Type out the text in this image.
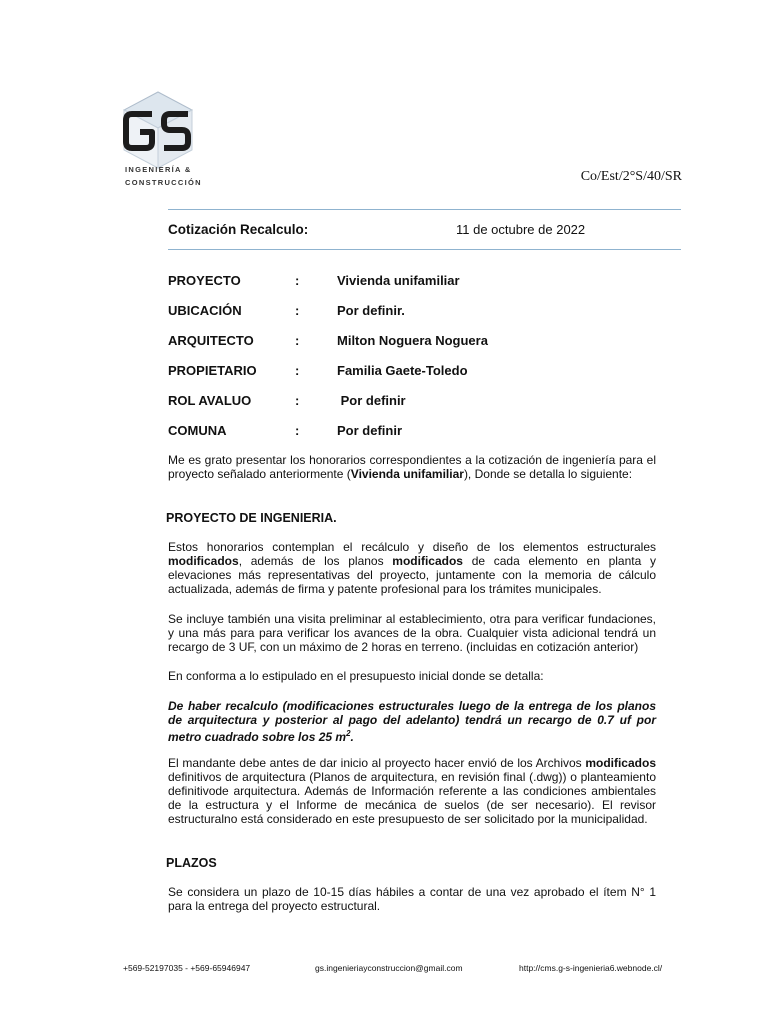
INGENIERÍA &
CONSTRUCCIÓN	Co/Est/2°S/40/SR
Cotización Recalculo:	11 de octubre de 2022
PROYECTO	:	Vivienda unifamiliar
UBICACIÓN	:	Por definir.
ARQUITECTO	:	Milton Noguera Noguera
PROPIETARIO	:	Familia Gaete-Toledo
ROL AVALUO	:	Por definir
COMUNA	:	Por definir
Me es grato presentar los honorarios correspondientes a la cotización de ingeniería para el proyecto señalado anteriormente (Vivienda unifamiliar), Donde se detalla lo siguiente:
PROYECTO DE INGENIERIA.
Estos honorarios contemplan el recálculo y diseño de los elementos estructurales modificados, además de los planos modificados de cada elemento en planta y elevaciones más representativas del proyecto, juntamente con la memoria de cálculo actualizada, además de firma y patente profesional para los trámites municipales.
Se incluye también una visita preliminar al establecimiento, otra para verificar fundaciones, y una más para para verificar los avances de la obra. Cualquier vista adicional tendrá un recargo de 3 UF, con un máximo de 2 horas en terreno. (incluidas en cotización anterior)
En conforma a lo estipulado en el presupuesto inicial donde se detalla:
De haber recalculo (modificaciones estructurales luego de la entrega de los planos de arquitectura y posterior al pago del adelanto) tendrá un recargo de 0.7 uf por metro cuadrado sobre los 25 $m^2$.
El mandante debe antes de dar inicio al proyecto hacer envió de los Archivos modificados definitivos de arquitectura (Planos de arquitectura, en revisión final (.dwg)) o planteamiento definitivode arquitectura. Además de Información referente a las condiciones ambientales de la estructura y el Informe de mecánica de suelos (de ser necesario). El revisor estructuralno está considerado en este presupuesto de ser solicitado por la municipalidad.
PLAZOS
Se considera un plazo de 10-15 días hábiles a contar de una vez aprobado el ítem N° 1 para la entrega del proyecto estructural.
+569-52197035 - +569-65946947	gs.ingenieriayconstruccion@gmail.com	http://cms.g-s-ingenieria6.webnode.cl/
